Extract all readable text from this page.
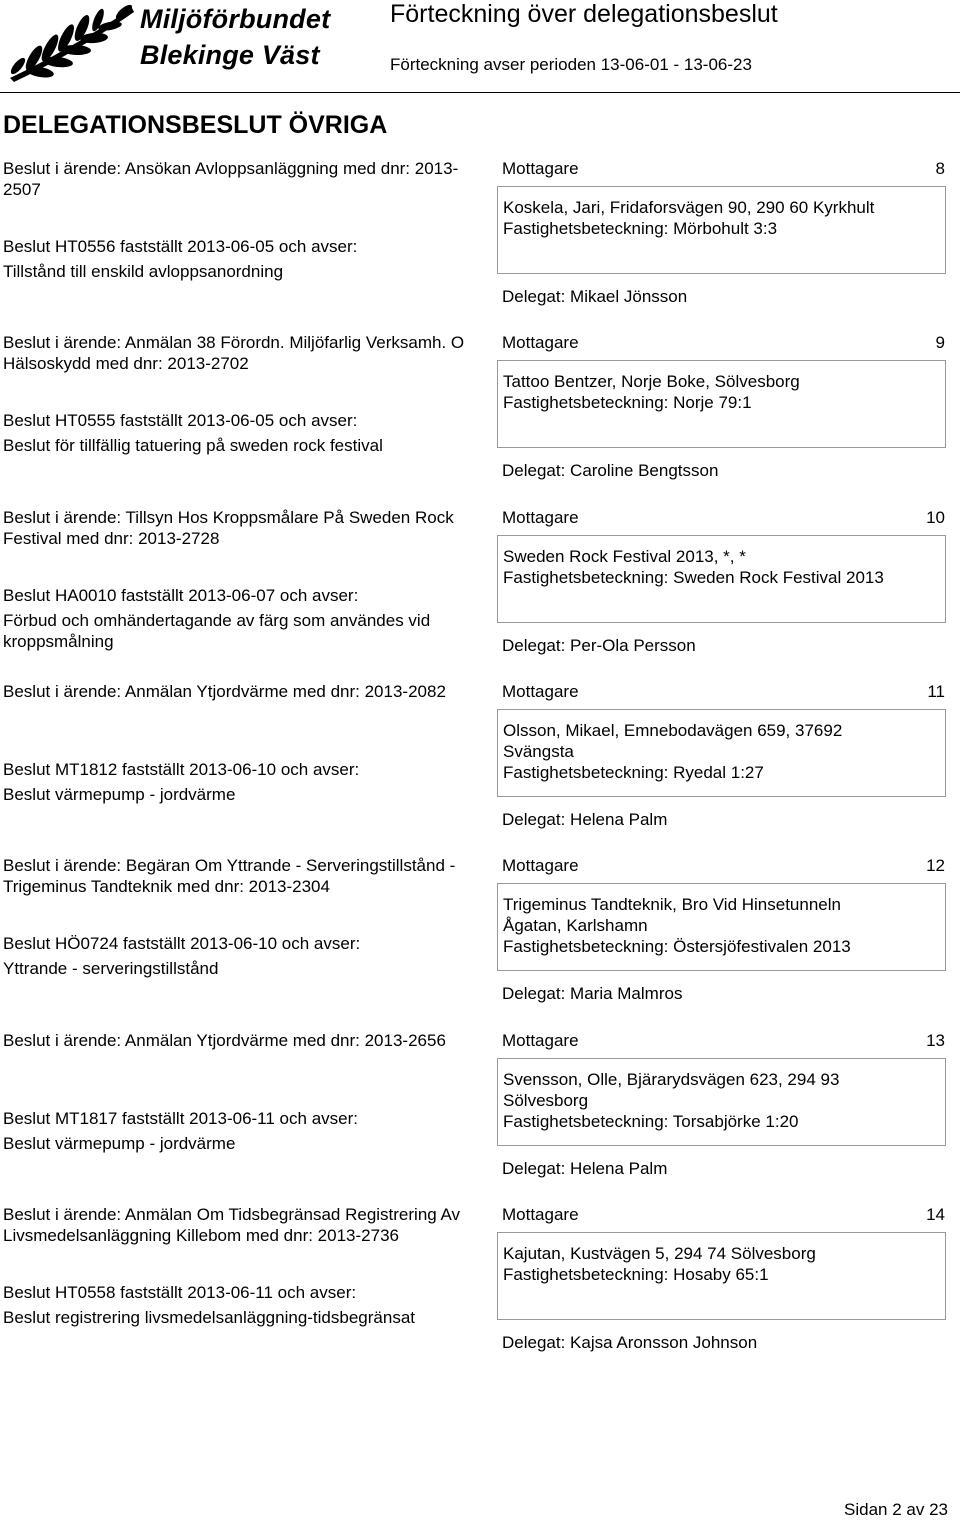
Miljöförbundet
Blekinge Väst
Förteckning över delegationsbeslut
Förteckning avser perioden 13-06-01 - 13-06-23
DELEGATIONSBESLUT ÖVRIGA
Beslut i ärende: Ansökan Avloppsanläggning med dnr: 2013-2507
Beslut HT0556 fastställt 2013-06-05 och avser:
Tillstånd till enskild avloppsanordning
Mottagare	8
Koskela, Jari, Fridaforsvägen 90, 290 60 Kyrkhult
Fastighetsbeteckning: Mörbohult 3:3
Delegat: Mikael Jönsson
Beslut i ärende: Anmälan 38 Förordn. Miljöfarlig Verksamh. O Hälsoskydd med dnr: 2013-2702
Beslut HT0555 fastställt 2013-06-05 och avser:
Beslut för tillfällig tatuering på sweden rock festival
Mottagare	9
Tattoo Bentzer, Norje Boke, Sölvesborg
Fastighetsbeteckning: Norje 79:1
Delegat: Caroline Bengtsson
Beslut i ärende: Tillsyn Hos Kroppsmålare På Sweden Rock Festival med dnr: 2013-2728
Beslut HA0010 fastställt 2013-06-07 och avser:
Förbud och omhändertagande av färg som användes vid kroppsmålning
Mottagare	10
Sweden Rock Festival 2013, *, *
Fastighetsbeteckning: Sweden Rock Festival 2013
Delegat: Per-Ola Persson
Beslut i ärende: Anmälan Ytjordvärme med dnr: 2013-2082
Beslut MT1812 fastställt 2013-06-10 och avser:
Beslut värmepump - jordvärme
Mottagare	11
Olsson, Mikael, Emnebodavägen 659, 37692
Svängsta
Fastighetsbeteckning: Ryedal 1:27
Delegat: Helena Palm
Beslut i ärende: Begäran Om Yttrande - Serveringstillstånd - Trigeminus Tandteknik med dnr: 2013-2304
Beslut HÖ0724 fastställt 2013-06-10 och avser:
Yttrande - serveringstillstånd
Mottagare	12
Trigeminus Tandteknik, Bro Vid Hinsetunneln
Ågatan, Karlshamn
Fastighetsbeteckning: Östersjöfestivalen 2013
Delegat: Maria Malmros
Beslut i ärende: Anmälan Ytjordvärme med dnr: 2013-2656
Beslut MT1817 fastställt 2013-06-11 och avser:
Beslut värmepump - jordvärme
Mottagare	13
Svensson, Olle, Bjärarydsvägen 623, 294 93
Sölvesborg
Fastighetsbeteckning: Torsabjörke 1:20
Delegat: Helena Palm
Beslut i ärende: Anmälan Om Tidsbegränsad Registrering Av Livsmedelsanläggning Killebom med dnr: 2013-2736
Beslut HT0558 fastställt 2013-06-11 och avser:
Beslut registrering livsmedelsanläggning-tidsbegränsat
Mottagare	14
Kajutan, Kustvägen 5, 294 74 Sölvesborg
Fastighetsbeteckning: Hosaby 65:1
Delegat: Kajsa Aronsson Johnson
Sidan 2 av 23
